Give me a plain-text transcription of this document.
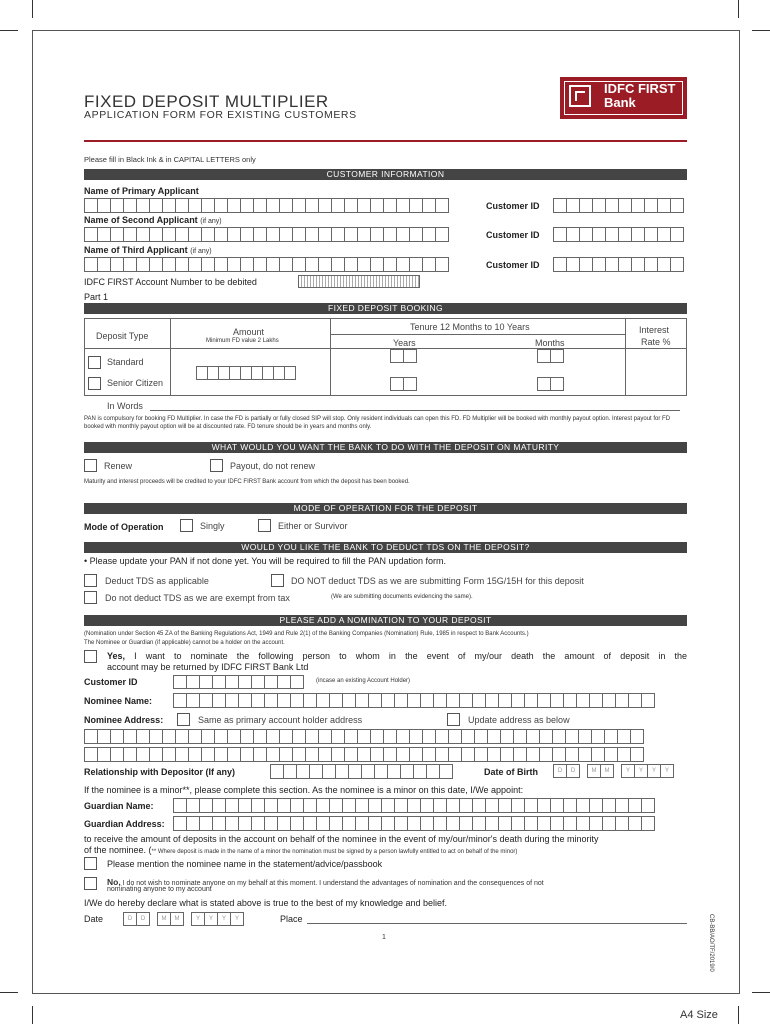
FIXED DEPOSIT MULTIPLIER
APPLICATION FORM FOR EXISTING CUSTOMERS
IDFC FIRST
Bank
Please fill in Black Ink & in CAPITAL LETTERS only
CUSTOMER INFORMATION
Name of Primary Applicant
Customer ID
Name of Second Applicant (if any)
Customer ID
Name of Third Applicant (if any)
Customer ID
IDFC FIRST Account Number to be debited
Part 1
FIXED DEPOSIT BOOKING
Deposit Type	Amount
Minimum FD value 2 Lakhs
Tenure 12 Months to 10 Years
Years	Months
Interest
Rate %
Standard
Senior Citizen
In Words
PAN is compulsory for booking FD Multiplier. In case the FD is partially or fully closed SIP will stop. Only resident individuals can open this FD. FD Multiplier will be booked with monthly payout option. Interest payout for FD booked with monthly payout option will be at discounted rate. FD tenure should be in years and months only.
WHAT WOULD YOU WANT THE BANK TO DO WITH THE DEPOSIT ON MATURITY
Renew	Payout, do not renew
Maturity and interest proceeds will be credited to your IDFC FIRST Bank account from which the deposit has been booked.
MODE OF OPERATION FOR THE DEPOSIT
Mode of Operation	Singly	Either or Survivor
WOULD YOU LIKE THE BANK TO DEDUCT TDS ON THE DEPOSIT?
• Please update your PAN if not done yet. You will be required to fill the PAN updation form.
Deduct TDS as applicable	DO NOT deduct TDS as we are submitting Form 15G/15H for this deposit
Do not deduct TDS as we are exempt from tax	(We are submitting documents evidencing the same).
PLEASE ADD A NOMINATION TO YOUR DEPOSIT
(Nomination under Section 45 ZA of the Banking Regulations Act, 1949 and Rule 2(1) of the Banking Companies (Nomination) Rule, 1985 in respect to Bank Accounts.)
The Nominee or Guardian (if applicable) cannot be a holder on the account.
Yes, I want to nominate the following person to whom in the event of my/our death the amount of deposit in the
account may be returned by IDFC FIRST Bank Ltd
Customer ID	(incase an existing Account Holder)
Nominee Name:
Nominee Address:	Same as primary account holder address	Update address as below
Relationship with Depositor (If any)	Date of Birth	D	D	M	M	Y	Y	Y	Y
If the nominee is a minor**, please complete this section. As the nominee is a minor on this date, I/We appoint:
Guardian Name:
Guardian Address:
to receive the amount of deposits in the account on behalf of the nominee in the event of my/our/minor's death during the minority
of the nominee. (** Where deposit is made in the name of a minor the nomination must be signed by a person lawfully entitled to act on behalf of the minor)
Please mention the nominee name in the statement/advice/passbook
No, I do not wish to nominate anyone on my behalf at this moment. I understand the advantages of nomination and the consequences of not
nominating anyone to my account
I/We do hereby declare what is stated above is true to the best of my knowledge and belief.
Date	D	D	M	M	Y	Y	Y	Y	Place
1	CB-BB/AO/TF/2019/0
A4 Size
